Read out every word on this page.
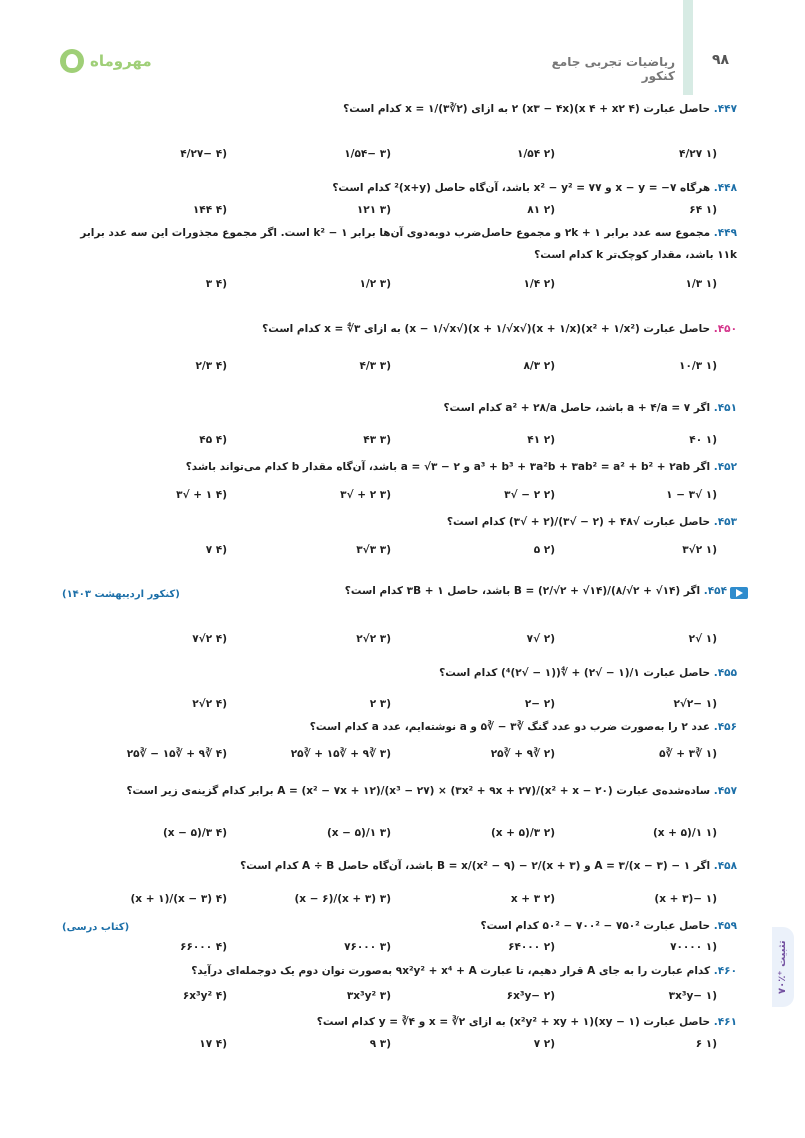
۹۸
ریاضیات تجربی جامع کنکور
مهروماه
۴۴۷. حاصل عبارت (x ۴ + x۲ ۴)(x۳ − ۴x) ۲ به ازای x = ۱/(۳∛۲) کدام است؟
(۱ ۴/۲۷
(۲ ۱/۵۴
(۳ −۱/۵۴
(۴ −۴/۲۷
۴۴۸. هرگاه x − y = −۷ و x² − y² = ۷۷ باشد، آن‌گاه حاصل (x+y)² کدام است؟
(۱ ۶۴
(۲ ۸۱
(۳ ۱۲۱
(۴ ۱۴۴
۴۴۹. مجموع سه عدد برابر ۲k + ۱ و مجموع حاصل‌ضرب دوبه‌دوی آن‌ها برابر k² − ۱ است. اگر مجموع مجذورات این سه عدد برابر ۱۱k باشد، مقدار کوچک‌تر k کدام است؟
(۱ ۱/۳
(۲ ۱/۴
(۳ ۱/۲
(۴ ۳
۴۵۰. حاصل عبارت (x² + ۱/x²)(x + ۱/x)(√x + ۱/√x)(√x − ۱/√x) به ازای x = ∜۳ کدام است؟
(۱ ۱۰/۳
(۲ ۸/۳
(۳ ۴/۳
(۴ ۲/۳
۴۵۱. اگر a + ۴/a = ۷ باشد، حاصل a² + ۲۸/a کدام است؟
(۱ ۴۰
(۲ ۴۱
(۳ ۴۳
(۴ ۴۵
۴۵۲. اگر a³ + b³ + ۳a²b + ۳ab² = a² + b² + ۲ab و a = √۳ − ۲ باشد، آن‌گاه مقدار b کدام می‌تواند باشد؟
(۱ √۳ − ۱
(۲ ۲ − √۳
(۳ ۲ + √۳
(۴ ۱ + √۳
۴۵۳. حاصل عبارت √۴۸ + (۲ − √۳)/(۲ + √۳) کدام است؟
(۱ ۲√۳
(۲ ۵
(۳ ۳√۳
(۴ ۷
۴۵۴. اگر B = (۲/√۲ + √۱۴)/(۸/√۲ + √۱۴) باشد، حاصل ۳B + ۱ کدام است؟
(کنکور اردیبهشت ۱۴۰۳)
(۱ √۲
(۲ √۷
(۳ ۲√۲
(۴ ۲√۷
۴۵۵. حاصل عبارت ۱/(۱ − √۲) + ∜((۱ − √۲)⁴) کدام است؟
(۱ −۲√۲
(۲ −۲
(۳ ۲
(۴ ۲√۲
۴۵۶. عدد ۲ را به‌صورت ضرب دو عدد گنگ ∛۳ − ∛۵ و a نوشته‌ایم، عدد a کدام است؟
(۱ ∛۳ + ∛۵
(۲ ∛۹ + ∛۲۵
(۳ ∛۹ + ∛۱۵ + ∛۲۵
(۴ ∛۹ + ∛۱۵ − ∛۲۵
۴۵۷. ساده‌شده‌ی عبارت A = (x² − ۷x + ۱۲)/(x³ − ۲۷) × (۳x² + ۹x + ۲۷)/(x² + x − ۲۰) برابر کدام گزینه‌ی زیر است؟
(۱ ۱/(x + ۵)
(۲ ۳/(x + ۵)
(۳ ۱/(x − ۵)
(۴ ۳/(x − ۵)
۴۵۸. اگر A = ۳/(x − ۳) − ۱ و B = x/(x² − ۹) − ۲/(x + ۳) باشد، آن‌گاه حاصل A ÷ B کدام است؟
(۱ −(x + ۳)
(۲ x + ۳
(۳ (x + ۳)/(x − ۶)
(۴ (x − ۳)/(x + ۱)
۴۵۹. حاصل عبارت ۷۵۰² − ۷۰۰² − ۵۰² کدام است؟
(کتاب درسی)
(۱ ۷۰۰۰۰
(۲ ۶۴۰۰۰
(۳ ۷۶۰۰۰
(۴ ۶۶۰۰۰
۴۶۰. کدام عبارت را به جای A قرار دهیم، تا عبارت ۹x²y² + x⁴ + A به‌صورت توان دوم یک دوجمله‌ای درآید؟
(۱ −۳x³y
(۲ −۶x³y
(۳ ۳x³y²
(۴ ۶x³y²
۴۶۱. حاصل عبارت (xy − ۱)(x²y² + xy + ۱) به ازای x = ∛۲ و y = ∛۴ کدام است؟
(۱ ۶
(۲ ۷
(۳ ۹
(۴ ۱۷
۷۰٪⁺ تثبیت
